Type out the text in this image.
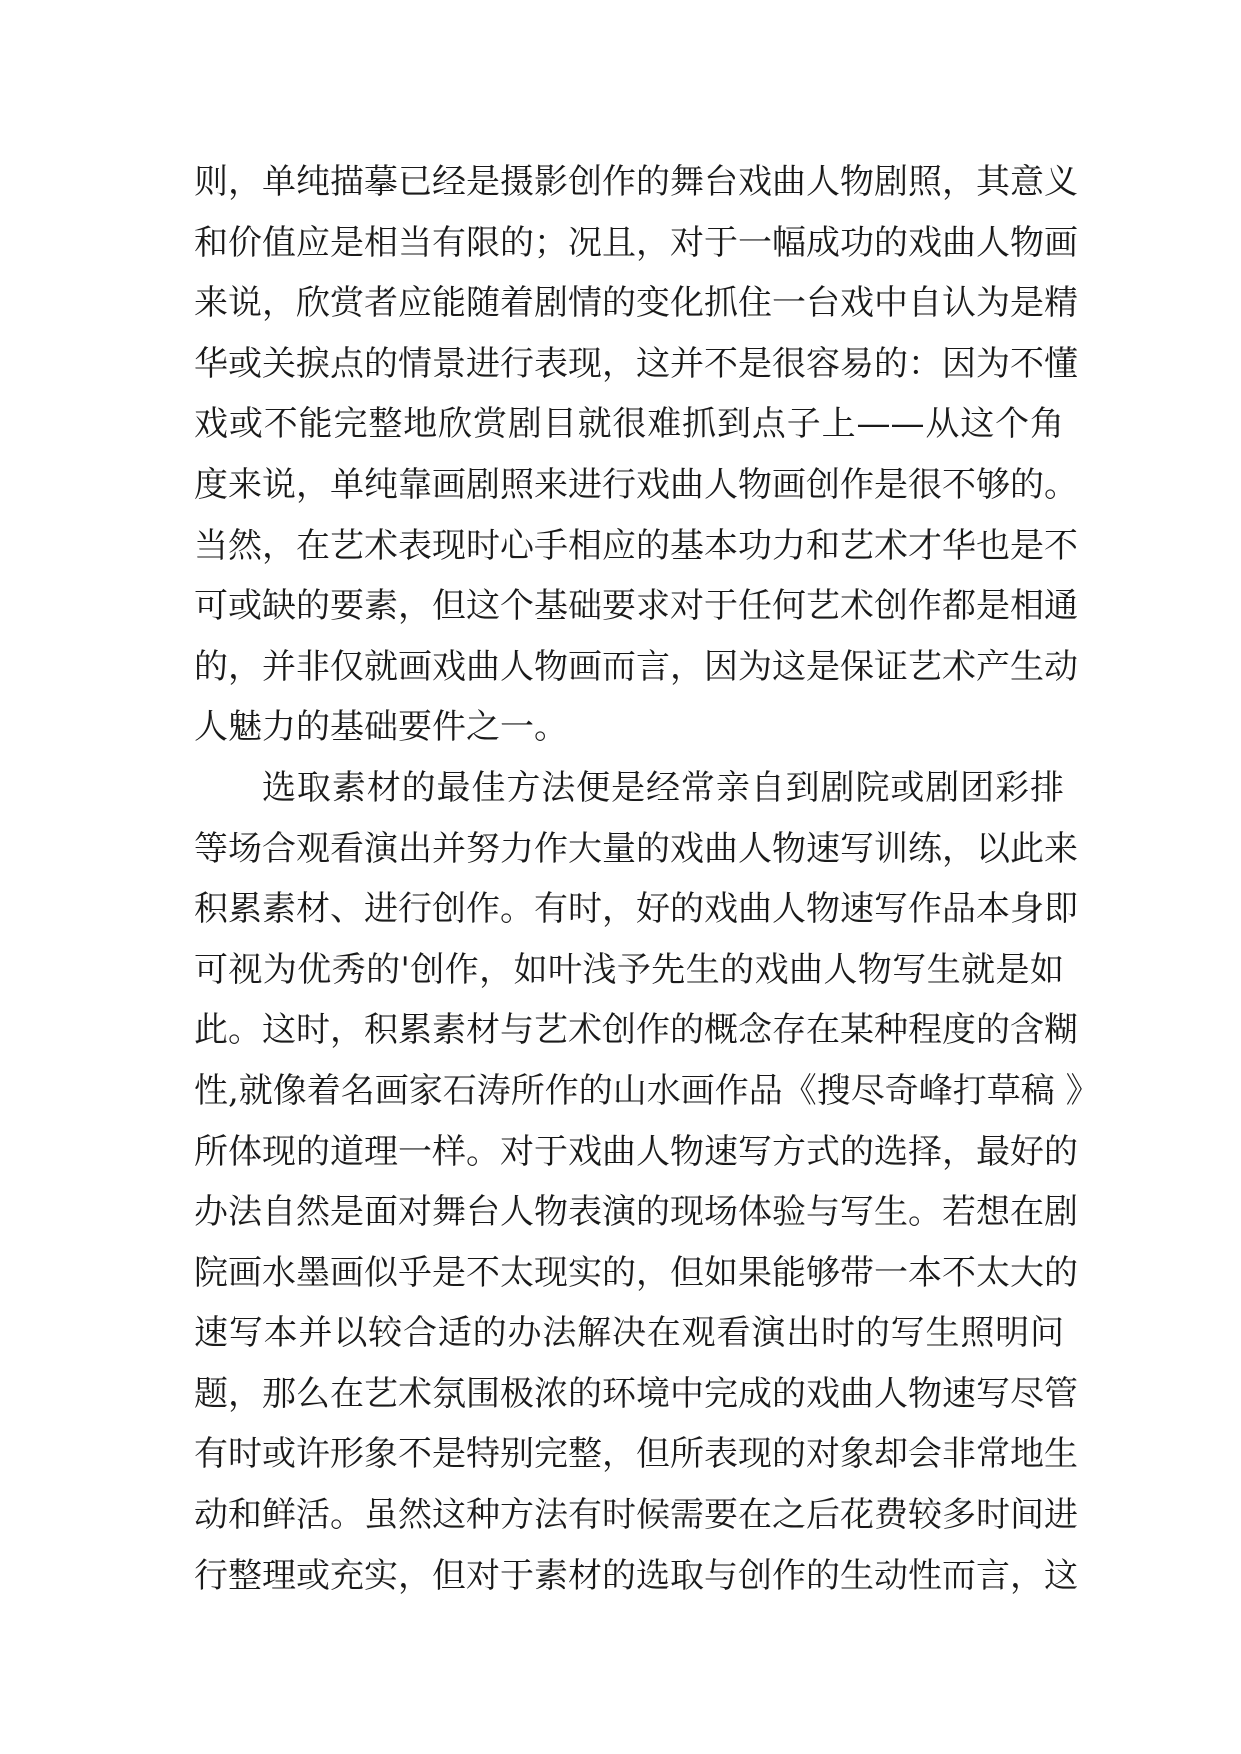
则，单纯描摹已经是摄影创作的舞台戏曲人物剧照，其意义
和价值应是相当有限的；况且，对于一幅成功的戏曲人物画
来说，欣赏者应能随着剧情的变化抓住一台戏中自认为是精
华或关捩点的情景进行表现，这并不是很容易的：因为不懂
戏或不能完整地欣赏剧目就很难抓到点子上——从这个角
度来说，单纯靠画剧照来进行戏曲人物画创作是很不够的。
当然，在艺术表现时心手相应的基本功力和艺术才华也是不
可或缺的要素，但这个基础要求对于任何艺术创作都是相通
的，并非仅就画戏曲人物画而言，因为这是保证艺术产生动
人魅力的基础要件之一。
选取素材的最佳方法便是经常亲自到剧院或剧团彩排
等场合观看演出并努力作大量的戏曲人物速写训练，以此来
积累素材、进行创作。有时，好的戏曲人物速写作品本身即
可视为优秀的'创作，如叶浅予先生的戏曲人物写生就是如
此。这时，积累素材与艺术创作的概念存在某种程度的含糊
性,就像着名画家石涛所作的山水画作品《搜尽奇峰打草稿 》
所体现的道理一样。对于戏曲人物速写方式的选择，最好的
办法自然是面对舞台人物表演的现场体验与写生。若想在剧
院画水墨画似乎是不太现实的，但如果能够带一本不太大的
速写本并以较合适的办法解决在观看演出时的写生照明问
题，那么在艺术氛围极浓的环境中完成的戏曲人物速写尽管
有时或许形象不是特别完整，但所表现的对象却会非常地生
动和鲜活。虽然这种方法有时候需要在之后花费较多时间进
行整理或充实，但对于素材的选取与创作的生动性而言，这
